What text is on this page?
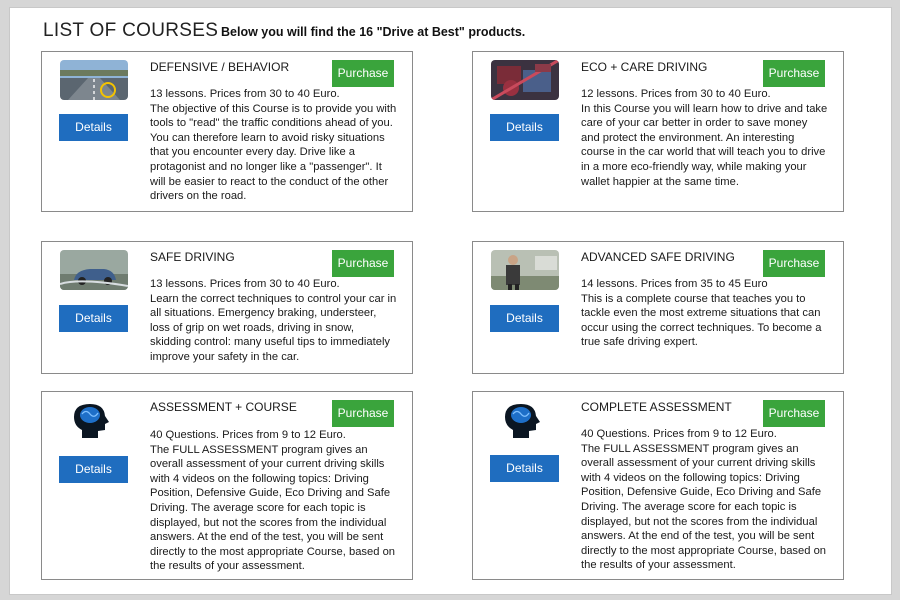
LIST OF COURSES Below you will find the 16 "Drive at Best" products.
Details
Purchase
DEFENSIVE / BEHAVIOR
13 lessons. Prices from 30 to 40 Euro.
The objective of this Course is to provide you with tools to "read" the traffic conditions ahead of you. You can therefore learn to avoid risky situations that you encounter every day. Drive like a protagonist and no longer like a "passenger". It will be easier to react to the conduct of the other drivers on the road.
Details
Purchase
ECO + CARE DRIVING
12 lessons. Prices from 30 to 40 Euro.
In this Course you will learn how to drive and take care of your car better in order to save money and protect the environment. An interesting course in the car world that will teach you to drive in a more eco-friendly way, while making your wallet happier at the same time.
Details
Purchase
SAFE DRIVING
13 lessons. Prices from 30 to 40 Euro.
Learn the correct techniques to control your car in all situations. Emergency braking, understeer, loss of grip on wet roads, driving in snow, skidding control: many useful tips to immediately improve your safety in the car.
Details
Purchase
ADVANCED SAFE DRIVING
14 lessons. Prices from 35 to 45 Euro
This is a complete course that teaches you to tackle even the most extreme situations that can occur using the correct techniques. To become a true safe driving expert.
Details
Purchase
ASSESSMENT + COURSE
40 Questions. Prices from 9 to 12 Euro.
The FULL ASSESSMENT program gives an overall assessment of your current driving skills with 4 videos on the following topics: Driving Position, Defensive Guide, Eco Driving and Safe Driving. The average score for each topic is displayed, but not the scores from the individual answers. At the end of the test, you will be sent directly to the most appropriate Course, based on the results of your assessment.
Details
Purchase
COMPLETE ASSESSMENT
40 Questions. Prices from 9 to 12 Euro.
The FULL ASSESSMENT program gives an overall assessment of your current driving skills with 4 videos on the following topics: Driving Position, Defensive Guide, Eco Driving and Safe Driving. The average score for each topic is displayed, but not the scores from the individual answers. At the end of the test, you will be sent directly to the most appropriate Course, based on the results of your assessment.
